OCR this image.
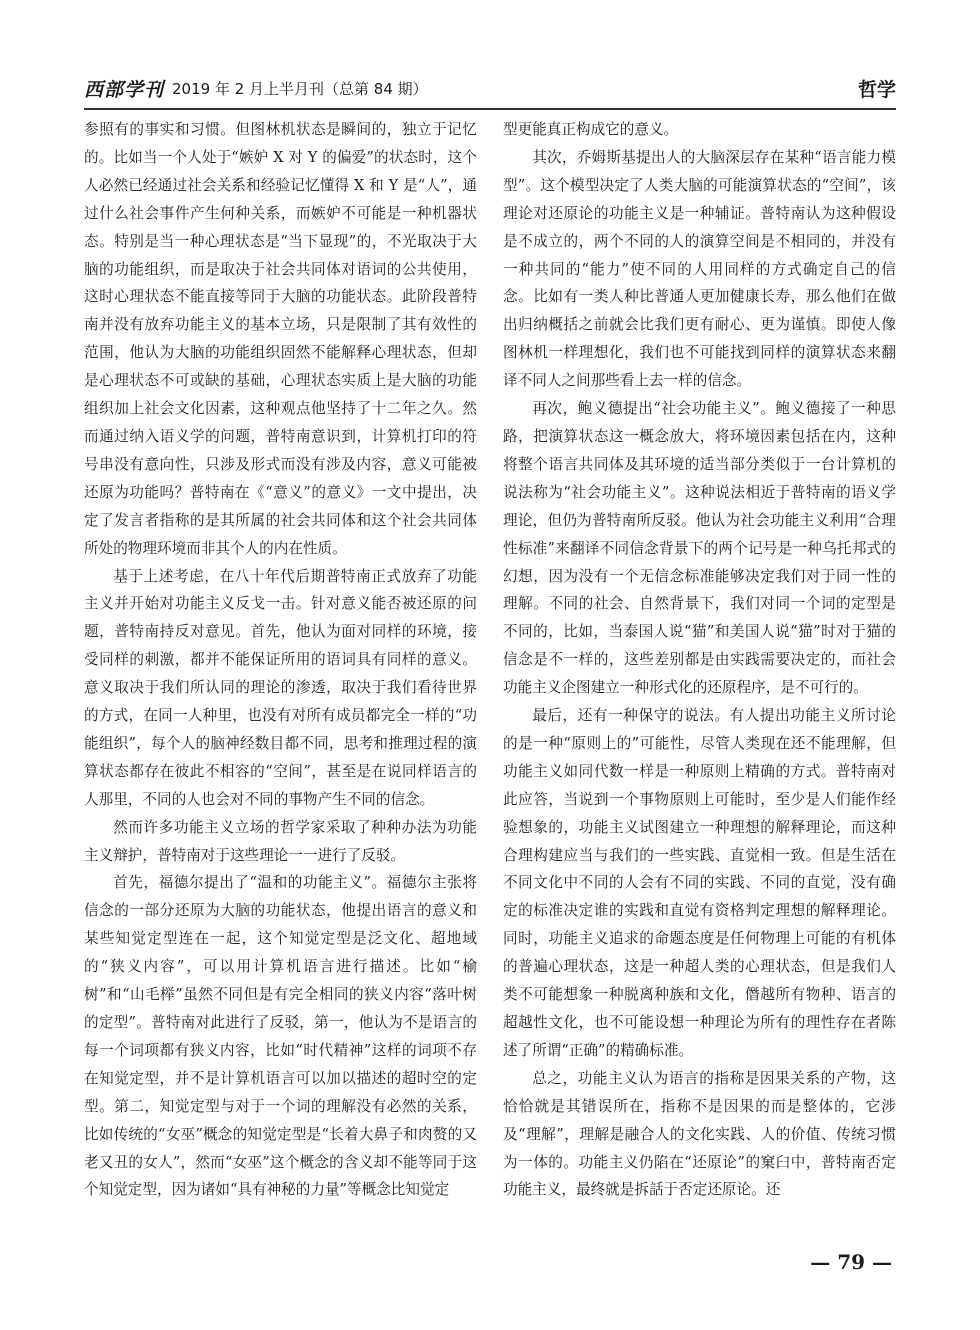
西部学刊 2019 年 2 月上半月刊（总第 84 期）	哲学

参照有的事实和习惯。但图林机状态是瞬间的，独立于记忆的。比如当一个人处于“嫉妒 X 对 Y 的偏爱”的状态时，这个人必然已经通过社会关系和经验记忆懂得 X 和 Y 是“人”，通过什么社会事件产生何种关系，而嫉妒不可能是一种机器状态。特别是当一种心理状态是“当下显现”的，不光取决于大脑的功能组织，而是取决于社会共同体对语词的公共使用，这时心理状态不能直接等同于大脑的功能状态。此阶段普特南并没有放弃功能主义的基本立场，只是限制了其有效性的范围，他认为大脑的功能组织固然不能解释心理状态，但却是心理状态不可或缺的基础，心理状态实质上是大脑的功能组织加上社会文化因素，这种观点他坚持了十二年之久。然而通过纳入语义学的问题，普特南意识到，计算机打印的符号串没有意向性，只涉及形式而没有涉及内容，意义可能被还原为功能吗？普特南在《“意义”的意义》一文中提出，决定了发言者指称的是其所属的社会共同体和这个社会共同体所处的物理环境而非其个人的内在性质。

基于上述考虑，在八十年代后期普特南正式放弃了功能主义并开始对功能主义反戈一击。针对意义能否被还原的问题，普特南持反对意见。首先，他认为面对同样的环境，接受同样的刺激，都并不能保证所用的语词具有同样的意义。意义取决于我们所认同的理论的渗透，取决于我们看待世界的方式，在同一人种里，也没有对所有成员都完全一样的“功能组织”，每个人的脑神经数目都不同，思考和推理过程的演算状态都存在彼此不相容的“空间”，甚至是在说同样语言的人那里，不同的人也会对不同的事物产生不同的信念。

然而许多功能主义立场的哲学家采取了种种办法为功能主义辩护，普特南对于这些理论一一进行了反驳。

首先，福德尔提出了“温和的功能主义”。福德尔主张将信念的一部分还原为大脑的功能状态，他提出语言的意义和某些知觉定型连在一起，这个知觉定型是泛文化、超地域的“狭义内容”，可以用计算机语言进行描述。比如“榆树”和“山毛榉”虽然不同但是有完全相同的狭义内容“落叶树的定型”。普特南对此进行了反驳，第一，他认为不是语言的每一个词项都有狭义内容，比如“时代精神”这样的词项不存在知觉定型，并不是计算机语言可以加以描述的超时空的定型。第二，知觉定型与对于一个词的理解没有必然的关系，比如传统的“女巫”概念的知觉定型是“长着大鼻子和肉赘的又老又丑的女人”，然而“女巫”这个概念的含义却不能等同于这个知觉定型，因为诸如“具有神秘的力量”等概念比知觉定

型更能真正构成它的意义。

其次，乔姆斯基提出人的大脑深层存在某种“语言能力模型”。这个模型决定了人类大脑的可能演算状态的“空间”，该理论对还原论的功能主义是一种辅证。普特南认为这种假设是不成立的，两个不同的人的演算空间是不相同的，并没有一种共同的“能力”使不同的人用同样的方式确定自己的信念。比如有一类人种比普通人更加健康长寿，那么他们在做出归纳概括之前就会比我们更有耐心、更为谨慎。即使人像图林机一样理想化，我们也不可能找到同样的演算状态来翻译不同人之间那些看上去一样的信念。

再次，鲍义德提出“社会功能主义”。鲍义德接了一种思路，把演算状态这一概念放大，将环境因素包括在内，这种将整个语言共同体及其环境的适当部分类似于一台计算机的说法称为“社会功能主义”。这种说法相近于普特南的语义学理论，但仍为普特南所反驳。他认为社会功能主义利用“合理性标准”来翻译不同信念背景下的两个记号是一种乌托邦式的幻想，因为没有一个无信念标准能够决定我们对于同一性的理解。不同的社会、自然背景下，我们对同一个词的定型是不同的，比如，当泰国人说“猫”和美国人说“猫”时对于猫的信念是不一样的，这些差别都是由实践需要决定的，而社会功能主义企图建立一种形式化的还原程序，是不可行的。

最后，还有一种保守的说法。有人提出功能主义所讨论的是一种“原则上的”可能性，尽管人类现在还不能理解，但功能主义如同代数一样是一种原则上精确的方式。普特南对此应答，当说到一个事物原则上可能时，至少是人们能作经验想象的，功能主义试图建立一种理想的解释理论，而这种合理构建应当与我们的一些实践、直觉相一致。但是生活在不同文化中不同的人会有不同的实践、不同的直觉，没有确定的标准决定谁的实践和直觉有资格判定理想的解释理论。同时，功能主义追求的命题态度是任何物理上可能的有机体的普遍心理状态，这是一种超人类的心理状态，但是我们人类不可能想象一种脱离种族和文化，僭越所有物种、语言的超越性文化，也不可能设想一种理论为所有的理性存在者陈述了所谓“正确”的精确标准。

总之，功能主义认为语言的指称是因果关系的产物，这恰恰就是其错误所在，指称不是因果的而是整体的，它涉及“理解”，理解是融合人的文化实践、人的价值、传统习惯为一体的。功能主义仍陷在“还原论”的窠臼中，普特南否定功能主义，最终就是拆話于否定还原论。还

— 79 —
